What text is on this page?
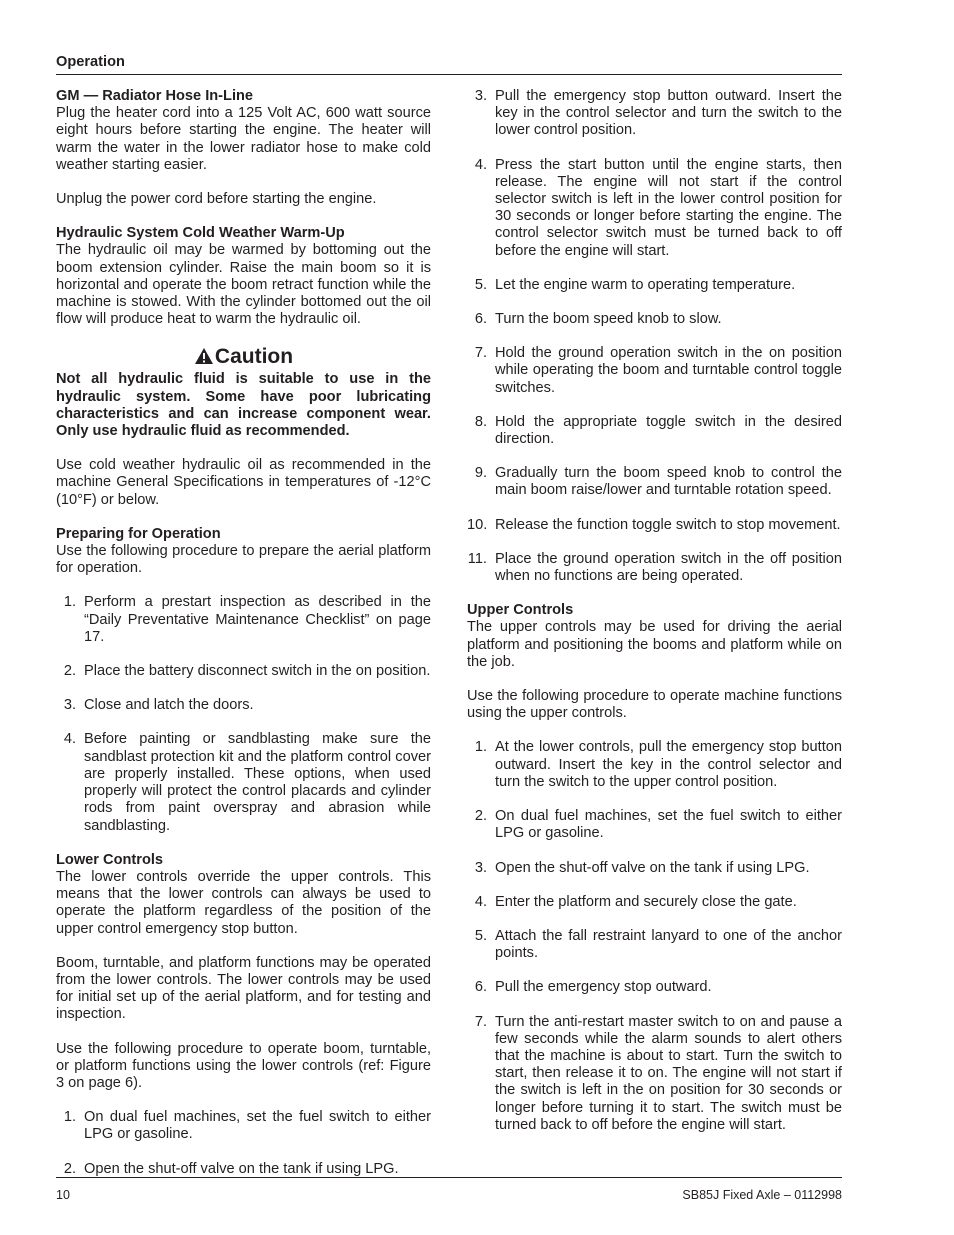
Operation
GM — Radiator Hose In-Line

Plug the heater cord into a 125 Volt AC, 600 watt source eight hours before starting the engine. The heater will warm the water in the lower radiator hose to make cold weather starting easier.

Unplug the power cord before starting the engine.

Hydraulic System Cold Weather Warm-Up

The hydraulic oil may be warmed by bottoming out the boom extension cylinder. Raise the main boom so it is horizontal and operate the boom retract function while the machine is stowed. With the cylinder bottomed out the oil flow will produce heat to warm the hydraulic oil.

Caution
Not all hydraulic fluid is suitable to use in the hydraulic system. Some have poor lubricating characteristics and can increase component wear. Only use hydraulic fluid as recommended.

Use cold weather hydraulic oil as recommended in the machine General Specifications in temperatures of -12°C (10°F) or below.

Preparing for Operation

Use the following procedure to prepare the aerial platform for operation.

1. Perform a prestart inspection as described in the “Daily Preventative Maintenance Checklist” on page 17.
2. Place the battery disconnect switch in the on position.
3. Close and latch the doors.
4. Before painting or sandblasting make sure the sandblast protection kit and the platform control cover are properly installed. These options, when used properly will protect the control placards and cylinder rods from paint overspray and abrasion while sandblasting.
Lower Controls

The lower controls override the upper controls. This means that the lower controls can always be used to operate the platform regardless of the position of the upper control emergency stop button.

Boom, turntable, and platform functions may be operated from the lower controls. The lower controls may be used for initial set up of the aerial platform, and for testing and inspection.

Use the following procedure to operate boom, turntable, or platform functions using the lower controls (ref: Figure 3 on page 6).

1. On dual fuel machines, set the fuel switch to either LPG or gasoline.
2. Open the shut-off valve on the tank if using LPG.
3. Pull the emergency stop button outward. Insert the key in the control selector and turn the switch to the lower control position.
4. Press the start button until the engine starts, then release. The engine will not start if the control selector switch is left in the lower control position for 30 seconds or longer before starting the engine. The control selector switch must be turned back to off before the engine will start.
5. Let the engine warm to operating temperature.
6. Turn the boom speed knob to slow.
7. Hold the ground operation switch in the on position while operating the boom and turntable control toggle switches.
8. Hold the appropriate toggle switch in the desired direction.
9. Gradually turn the boom speed knob to control the main boom raise/lower and turntable rotation speed.
10. Release the function toggle switch to stop movement.
11. Place the ground operation switch in the off position when no functions are being operated.
Upper Controls

The upper controls may be used for driving the aerial platform and positioning the booms and platform while on the job.

Use the following procedure to operate machine functions using the upper controls.

1. At the lower controls, pull the emergency stop button outward. Insert the key in the control selector and turn the switch to the upper control position.
2. On dual fuel machines, set the fuel switch to either LPG or gasoline.
3. Open the shut-off valve on the tank if using LPG.
4. Enter the platform and securely close the gate.
5. Attach the fall restraint lanyard to one of the anchor points.
6. Pull the emergency stop outward.
7. Turn the anti-restart master switch to on and pause a few seconds while the alarm sounds to alert others that the machine is about to start. Turn the switch to start, then release it to on. The engine will not start if the switch is left in the on position for 30 seconds or longer before turning it to start. The switch must be turned back to off before the engine will start.
10	SB85J Fixed Axle – 0112998
